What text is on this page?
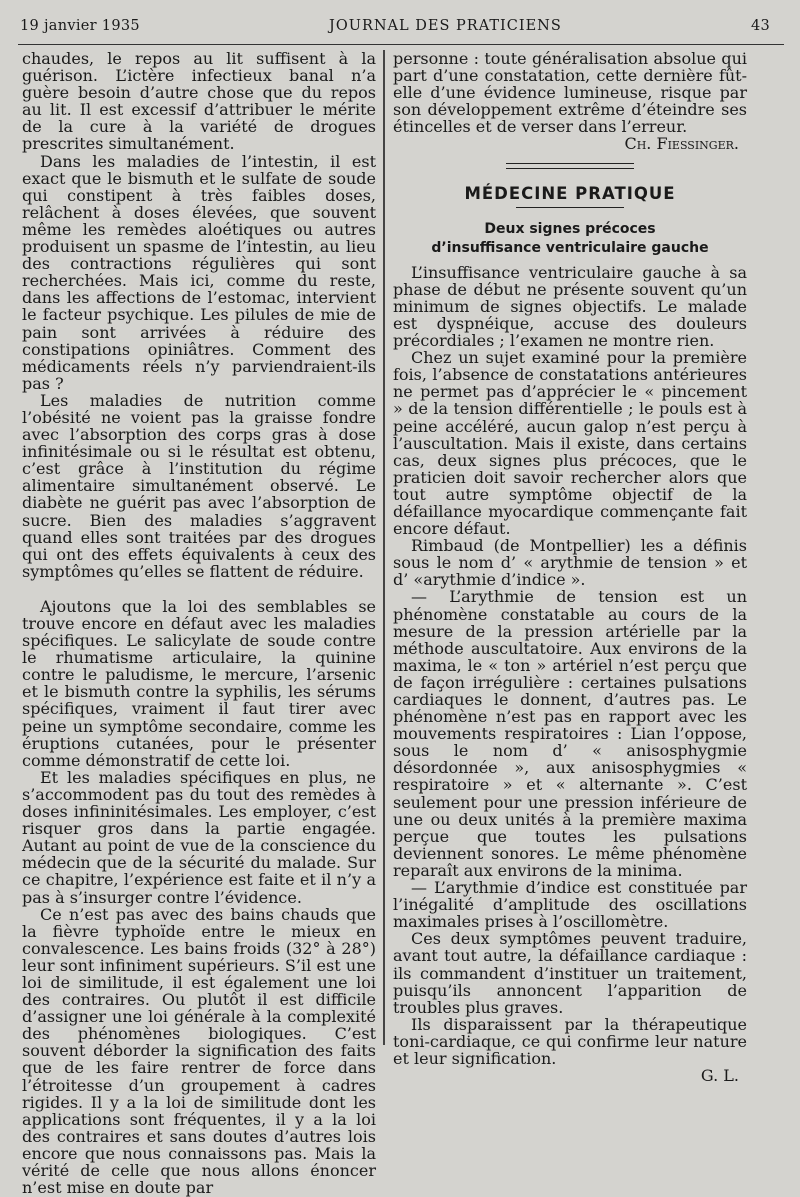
19 janvier 1935	JOURNAL DES PRATICIENS	43

chaudes, le repos au lit suffisent à la guérison. L’ictère infectieux banal n’a guère besoin d’autre chose que du repos au lit. Il est excessif d’attribuer le mérite de la cure à la variété de drogues prescrites simultanément.

Dans les maladies de l’intestin, il est exact que le bismuth et le sulfate de soude qui constipent à très faibles doses, relâchent à doses élevées, que souvent même les remèdes aloétiques ou autres produisent un spasme de l’intestin, au lieu des contractions régulières qui sont recherchées. Mais ici, comme du reste, dans les affections de l’estomac, intervient le facteur psychique. Les pilules de mie de pain sont arrivées à réduire des constipations opiniâtres. Comment des médicaments réels n’y parviendraient-ils pas ?

Les maladies de nutrition comme l’obésité ne voient pas la graisse fondre avec l’absorption des corps gras à dose infinitésimale ou si le résultat est obtenu, c’est grâce à l’institution du régime alimentaire simultanément observé. Le diabète ne guérit pas avec l’absorption de sucre. Bien des maladies s’aggravent quand elles sont traitées par des drogues qui ont des effets équivalents à ceux des symptômes qu’elles se flattent de réduire.

Ajoutons que la loi des semblables se trouve encore en défaut avec les maladies spécifiques. Le salicylate de soude contre le rhumatisme articulaire, la quinine contre le paludisme, le mercure, l’arsenic et le bismuth contre la syphilis, les sérums spécifiques, vraiment il faut tirer avec peine un symptôme secondaire, comme les éruptions cutanées, pour le présenter comme démonstratif de cette loi.

Et les maladies spécifiques en plus, ne s’accommodent pas du tout des remèdes à doses infininitésimales. Les employer, c’est risquer gros dans la partie engagée. Autant au point de vue de la conscience du médecin que de la sécurité du malade. Sur ce chapitre, l’expérience est faite et il n’y a pas à s’insurger contre l’évidence.

Ce n’est pas avec des bains chauds que la fièvre typhoïde entre le mieux en convalescence. Les bains froids (32° à 28°) leur sont infiniment supérieurs. S’il est une loi de similitude, il est également une loi des contraires. Ou plutôt il est difficile d’assigner une loi générale à la complexité des phénomènes biologiques. C’est souvent déborder la signification des faits que de les faire rentrer de force dans l’étroitesse d’un groupement à cadres rigides. Il y a la loi de similitude dont les applications sont fréquentes, il y a la loi des contraires et sans doutes d’autres lois encore que nous connaissons pas. Mais la vérité de celle que nous allons énoncer n’est mise en doute par

personne : toute généralisation absolue qui part d’une constatation, cette dernière fût-elle d’une évidence lumineuse, risque par son développement extrême d’éteindre ses étincelles et de verser dans l’erreur.

Ch. Fiessinger.

MÉDECINE PRATIQUE
Deux signes précoces
d’insuffisance ventriculaire gauche

L’insuffisance ventriculaire gauche à sa phase de début ne présente souvent qu’un minimum de signes objectifs. Le malade est dyspnéique, accuse des douleurs précordiales ; l’examen ne montre rien.

Chez un sujet examiné pour la première fois, l’absence de constatations antérieures ne permet pas d’apprécier le « pincement » de la tension différentielle ; le pouls est à peine accéléré, aucun galop n’est perçu à l’auscultation. Mais il existe, dans certains cas, deux signes plus précoces, que le praticien doit savoir rechercher alors que tout autre symptôme objectif de la défaillance myocardique commençante fait encore défaut.

Rimbaud (de Montpellier) les a définis sous le nom d’ « arythmie de tension » et d’ «arythmie d’indice ».

— L’arythmie de tension est un phénomène constatable au cours de la mesure de la pression artérielle par la méthode auscultatoire. Aux environs de la maxima, le « ton » artériel n’est perçu que de façon irrégulière : certaines pulsations cardiaques le donnent, d’autres pas. Le phénomène n’est pas en rapport avec les mouvements respiratoires : Lian l’oppose, sous le nom d’ « anisosphygmie désordonnée », aux anisosphygmies « respiratoire » et « alternante ». C’est seulement pour une pression inférieure de une ou deux unités à la première maxima perçue que toutes les pulsations deviennent sonores. Le même phénomène reparaît aux environs de la minima.

— L’arythmie d’indice est constituée par l’inégalité d’amplitude des oscillations maximales prises à l’oscillomètre.

Ces deux symptômes peuvent traduire, avant tout autre, la défaillance cardiaque : ils commandent d’instituer un traitement, puisqu’ils annoncent l’apparition de troubles plus graves.

Ils disparaissent par la thérapeutique toni-cardiaque, ce qui confirme leur nature et leur signification.

G. L.
